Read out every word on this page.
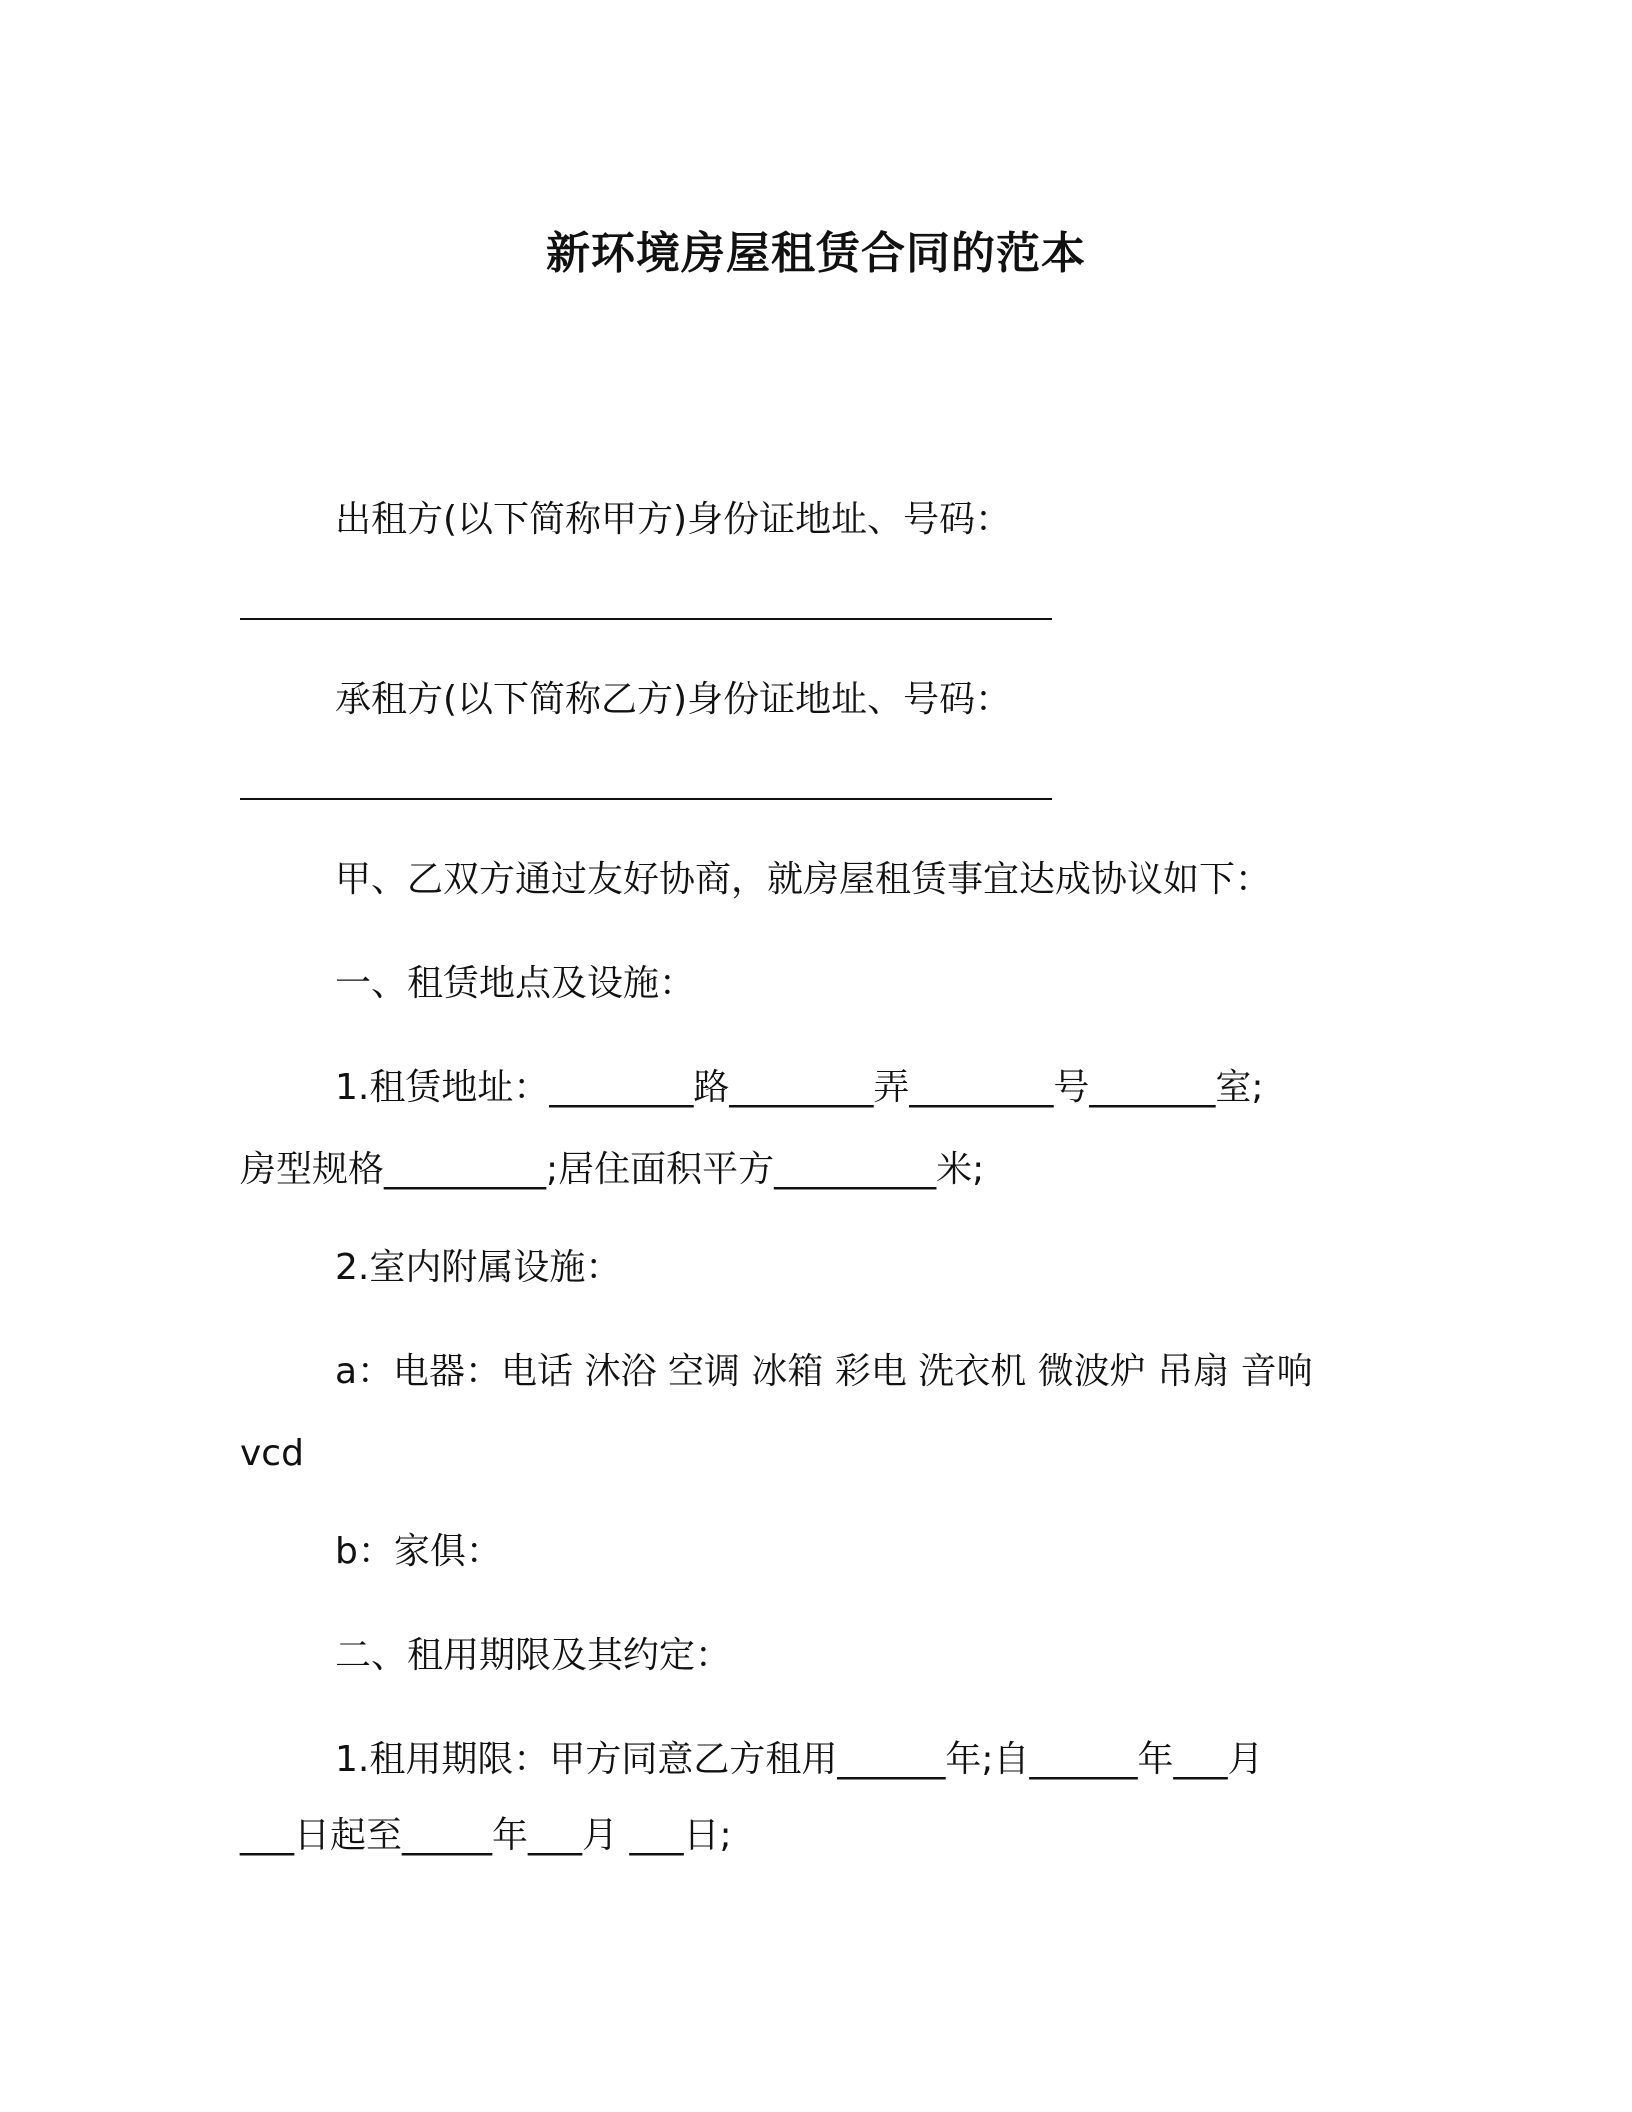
新环境房屋租赁合同的范本

出租方(以下简称甲方)身份证地址、号码：

承租方(以下简称乙方)身份证地址、号码：

甲、乙双方通过友好协商，就房屋租赁事宜达成协议如下：

一、租赁地点及设施：

1.租赁地址：________路________弄________号_______室;

房型规格_________;居住面积平方_________米;

2.室内附属设施：

a：电器：电话 沐浴 空调 冰箱 彩电 洗衣机 微波炉 吊扇 音响

vcd

b：家俱：

二、租用期限及其约定：

1.租用期限：甲方同意乙方租用______年;自______年___月

___日起至_____年___月 ___日;
